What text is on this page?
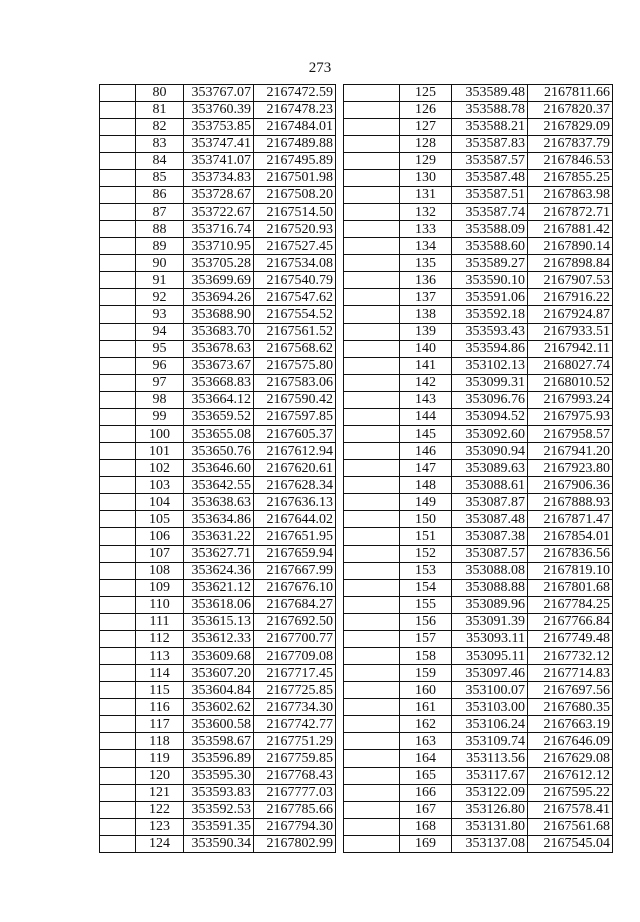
273
	80	353767.07	2167472.59
	81	353760.39	2167478.23
	82	353753.85	2167484.01
	83	353747.41	2167489.88
	84	353741.07	2167495.89
	85	353734.83	2167501.98
	86	353728.67	2167508.20
	87	353722.67	2167514.50
	88	353716.74	2167520.93
	89	353710.95	2167527.45
	90	353705.28	2167534.08
	91	353699.69	2167540.79
	92	353694.26	2167547.62
	93	353688.90	2167554.52
	94	353683.70	2167561.52
	95	353678.63	2167568.62
	96	353673.67	2167575.80
	97	353668.83	2167583.06
	98	353664.12	2167590.42
	99	353659.52	2167597.85
	100	353655.08	2167605.37
	101	353650.76	2167612.94
	102	353646.60	2167620.61
	103	353642.55	2167628.34
	104	353638.63	2167636.13
	105	353634.86	2167644.02
	106	353631.22	2167651.95
	107	353627.71	2167659.94
	108	353624.36	2167667.99
	109	353621.12	2167676.10
	110	353618.06	2167684.27
	111	353615.13	2167692.50
	112	353612.33	2167700.77
	113	353609.68	2167709.08
	114	353607.20	2167717.45
	115	353604.84	2167725.85
	116	353602.62	2167734.30
	117	353600.58	2167742.77
	118	353598.67	2167751.29
	119	353596.89	2167759.85
	120	353595.30	2167768.43
	121	353593.83	2167777.03
	122	353592.53	2167785.66
	123	353591.35	2167794.30
	124	353590.34	2167802.99
	125	353589.48	2167811.66
	126	353588.78	2167820.37
	127	353588.21	2167829.09
	128	353587.83	2167837.79
	129	353587.57	2167846.53
	130	353587.48	2167855.25
	131	353587.51	2167863.98
	132	353587.74	2167872.71
	133	353588.09	2167881.42
	134	353588.60	2167890.14
	135	353589.27	2167898.84
	136	353590.10	2167907.53
	137	353591.06	2167916.22
	138	353592.18	2167924.87
	139	353593.43	2167933.51
	140	353594.86	2167942.11
	141	353102.13	2168027.74
	142	353099.31	2168010.52
	143	353096.76	2167993.24
	144	353094.52	2167975.93
	145	353092.60	2167958.57
	146	353090.94	2167941.20
	147	353089.63	2167923.80
	148	353088.61	2167906.36
	149	353087.87	2167888.93
	150	353087.48	2167871.47
	151	353087.38	2167854.01
	152	353087.57	2167836.56
	153	353088.08	2167819.10
	154	353088.88	2167801.68
	155	353089.96	2167784.25
	156	353091.39	2167766.84
	157	353093.11	2167749.48
	158	353095.11	2167732.12
	159	353097.46	2167714.83
	160	353100.07	2167697.56
	161	353103.00	2167680.35
	162	353106.24	2167663.19
	163	353109.74	2167646.09
	164	353113.56	2167629.08
	165	353117.67	2167612.12
	166	353122.09	2167595.22
	167	353126.80	2167578.41
	168	353131.80	2167561.68
	169	353137.08	2167545.04
